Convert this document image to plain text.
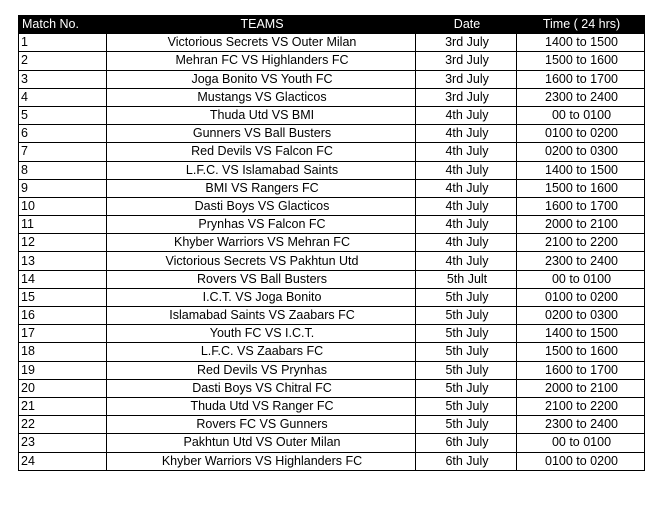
Match No.	TEAMS	Date	Time ( 24 hrs)
1	Victorious Secrets VS Outer Milan	3rd July	1400 to 1500
2	Mehran FC VS Highlanders FC	3rd July	1500 to 1600
3	Joga Bonito VS Youth FC	3rd July	1600 to 1700
4	Mustangs VS Glacticos	3rd July	2300 to 2400
5	Thuda Utd VS BMI	4th July	00 to 0100
6	Gunners VS Ball Busters	4th July	0100 to 0200
7	Red Devils VS Falcon FC	4th July	0200 to 0300
8	L.F.C. VS Islamabad Saints	4th July	1400 to 1500
9	BMI VS Rangers FC	4th July	1500 to 1600
10	Dasti Boys VS Glacticos	4th July	1600 to 1700
11	Prynhas VS Falcon FC	4th July	2000 to 2100
12	Khyber Warriors VS Mehran FC	4th July	2100 to 2200
13	Victorious Secrets VS Pakhtun Utd	4th July	2300 to 2400
14	Rovers VS Ball Busters	5th Jult	00 to 0100
15	I.C.T. VS Joga Bonito	5th July	0100 to 0200
16	Islamabad Saints VS Zaabars FC	5th July	0200 to 0300
17	Youth FC VS I.C.T.	5th July	1400 to 1500
18	L.F.C. VS Zaabars FC	5th July	1500 to 1600
19	Red Devils VS Prynhas	5th July	1600 to 1700
20	Dasti Boys VS Chitral FC	5th July	2000 to 2100
21	Thuda Utd VS Ranger FC	5th July	2100 to 2200
22	Rovers FC VS Gunners	5th July	2300 to 2400
23	Pakhtun Utd VS Outer Milan	6th July	00 to 0100
24	Khyber Warriors VS Highlanders FC	6th July	0100 to 0200
